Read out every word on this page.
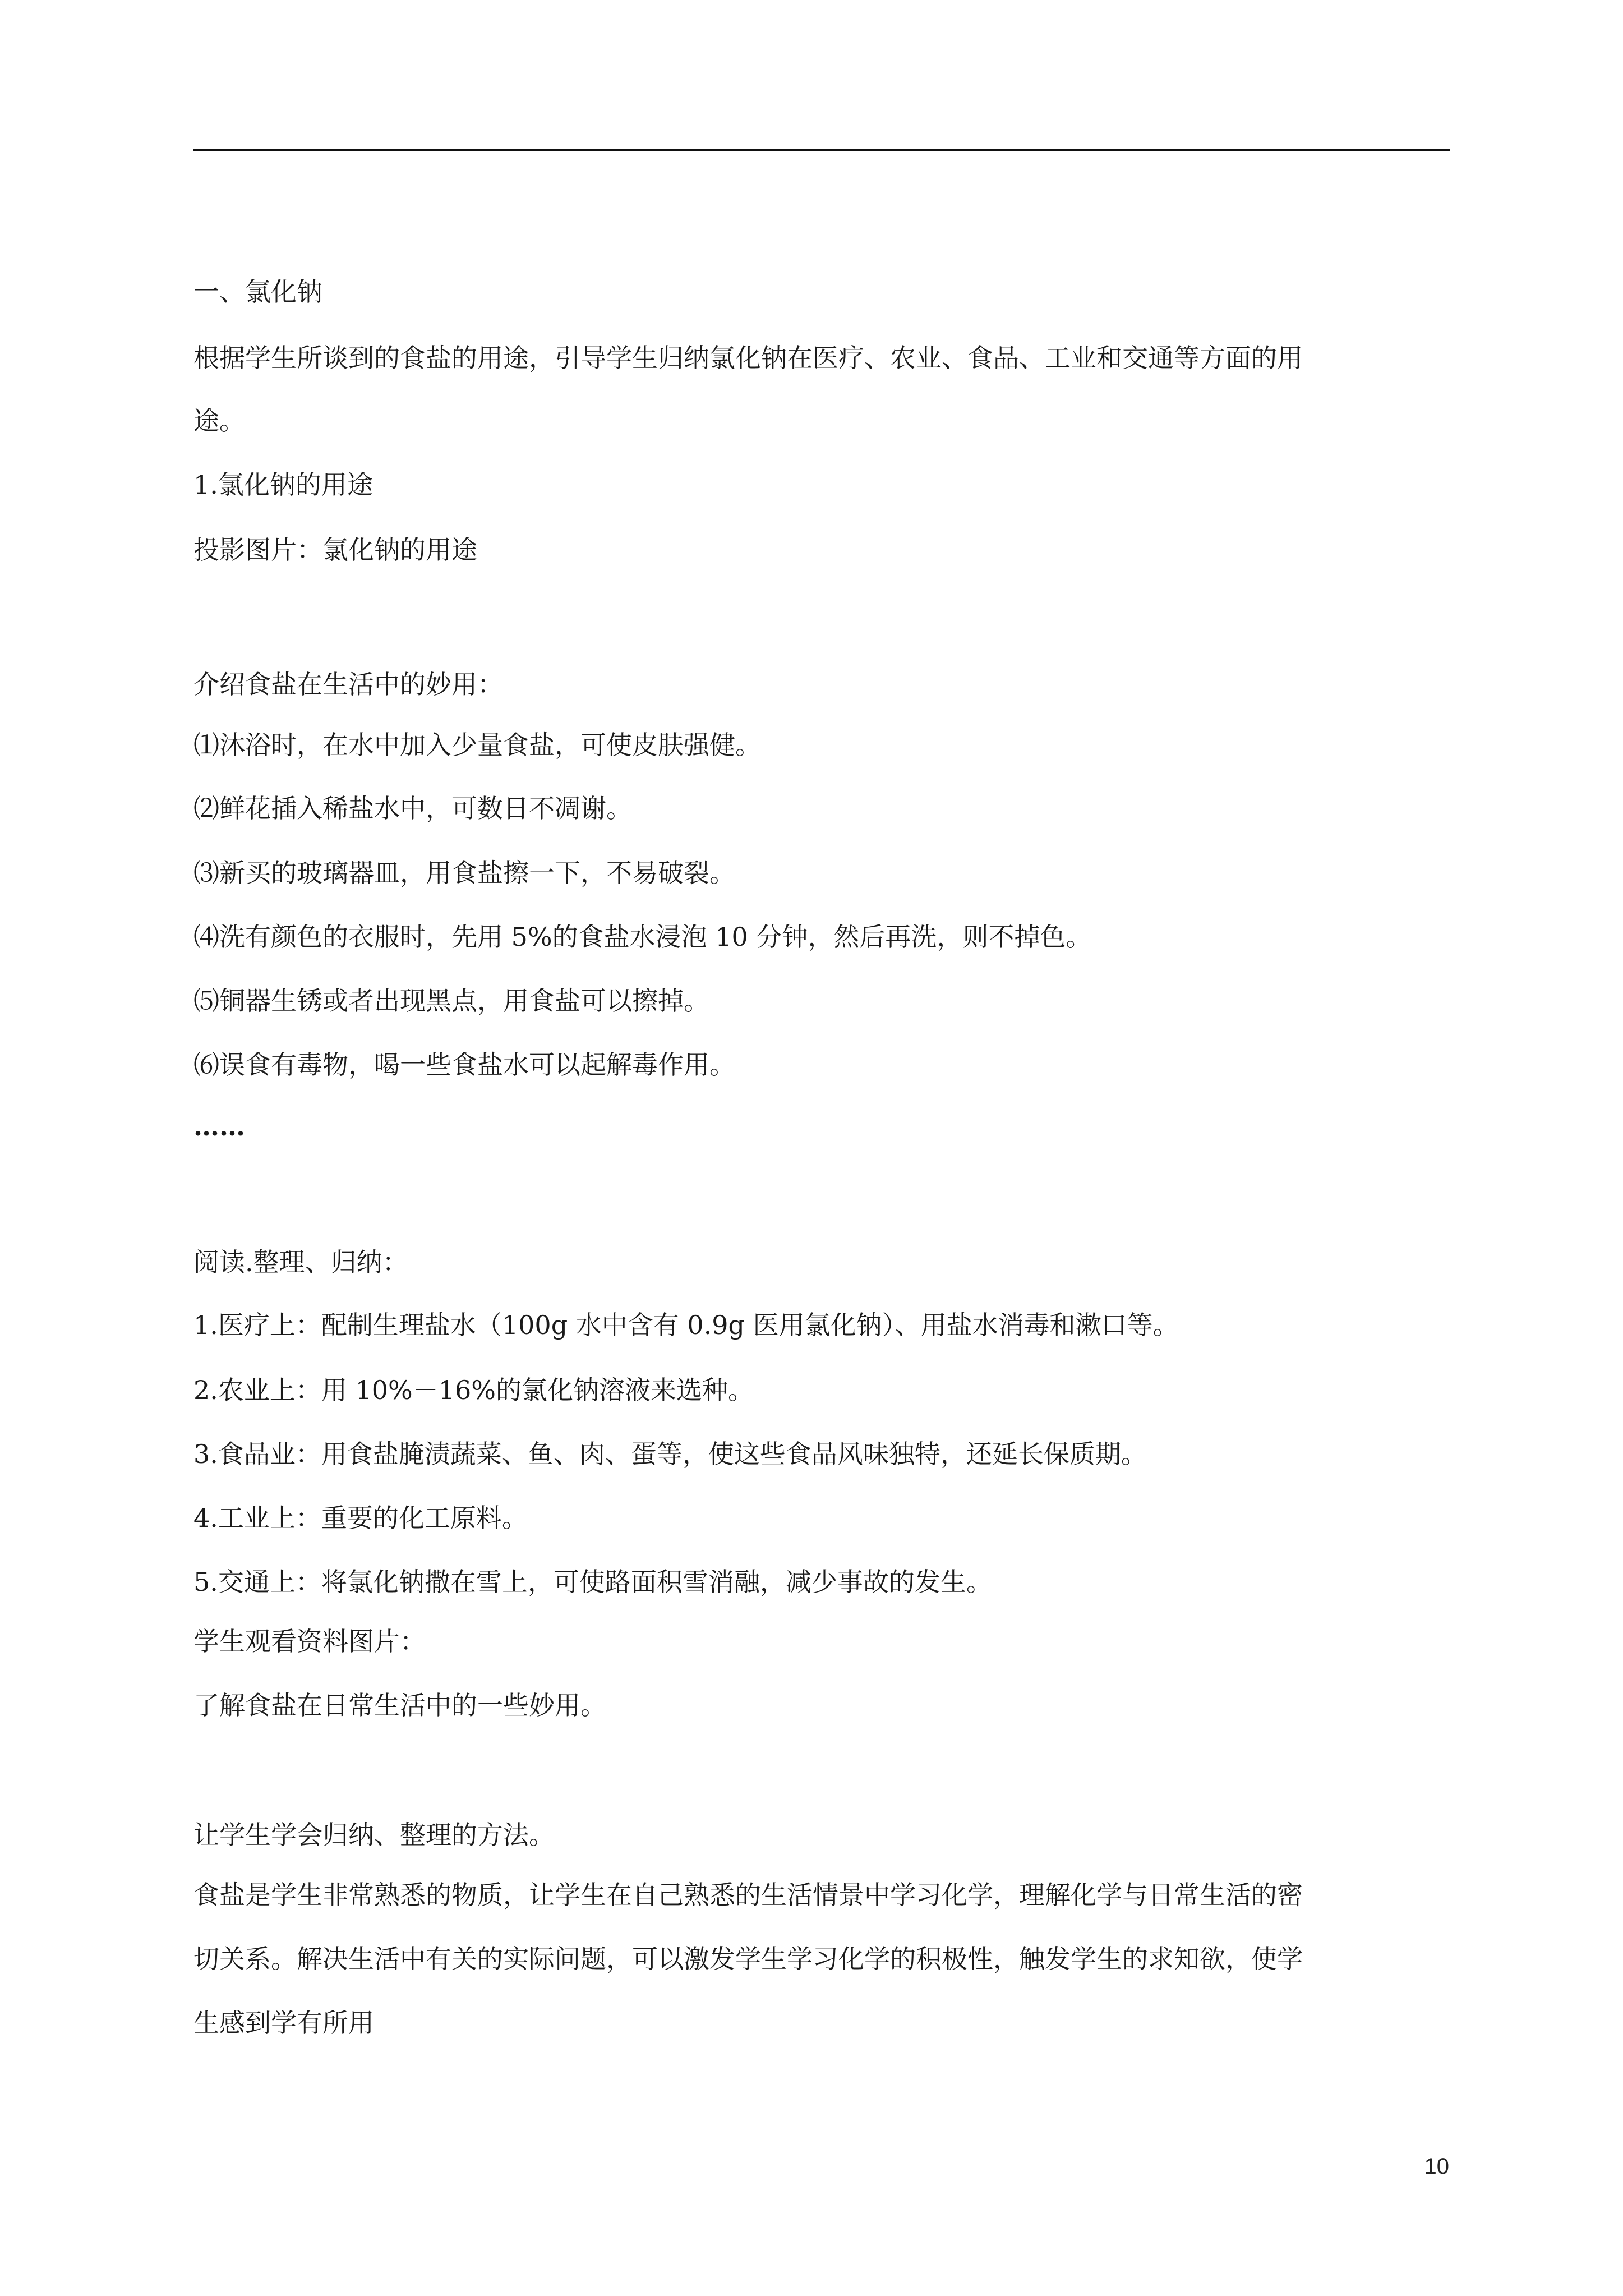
一、氯化钠
根据学生所谈到的食盐的用途，引导学生归纳氯化钠在医疗、农业、食品、工业和交通等方面的用
途。
1.氯化钠的用途
投影图片：氯化钠的用途
介绍食盐在生活中的妙用：
⑴沐浴时，在水中加入少量食盐，可使皮肤强健。
⑵鲜花插入稀盐水中，可数日不凋谢。
⑶新买的玻璃器皿，用食盐擦一下，不易破裂。
⑷洗有颜色的衣服时，先用 5%的食盐水浸泡 10 分钟，然后再洗，则不掉色。
⑸铜器生锈或者出现黑点，用食盐可以擦掉。
⑹误食有毒物，喝一些食盐水可以起解毒作用。
……
阅读.整理、归纳：
1.医疗上：配制生理盐水（100g 水中含有 0.9g 医用氯化钠）、用盐水消毒和漱口等。
2.农业上：用 10%－16%的氯化钠溶液来选种。
3.食品业：用食盐腌渍蔬菜、鱼、肉、蛋等，使这些食品风味独特，还延长保质期。
4.工业上：重要的化工原料。
5.交通上：将氯化钠撒在雪上，可使路面积雪消融，减少事故的发生。
学生观看资料图片：
了解食盐在日常生活中的一些妙用。
让学生学会归纳、整理的方法。
食盐是学生非常熟悉的物质，让学生在自己熟悉的生活情景中学习化学，理解化学与日常生活的密
切关系。解决生活中有关的实际问题，可以激发学生学习化学的积极性，触发学生的求知欲，使学
生感到学有所用
10
